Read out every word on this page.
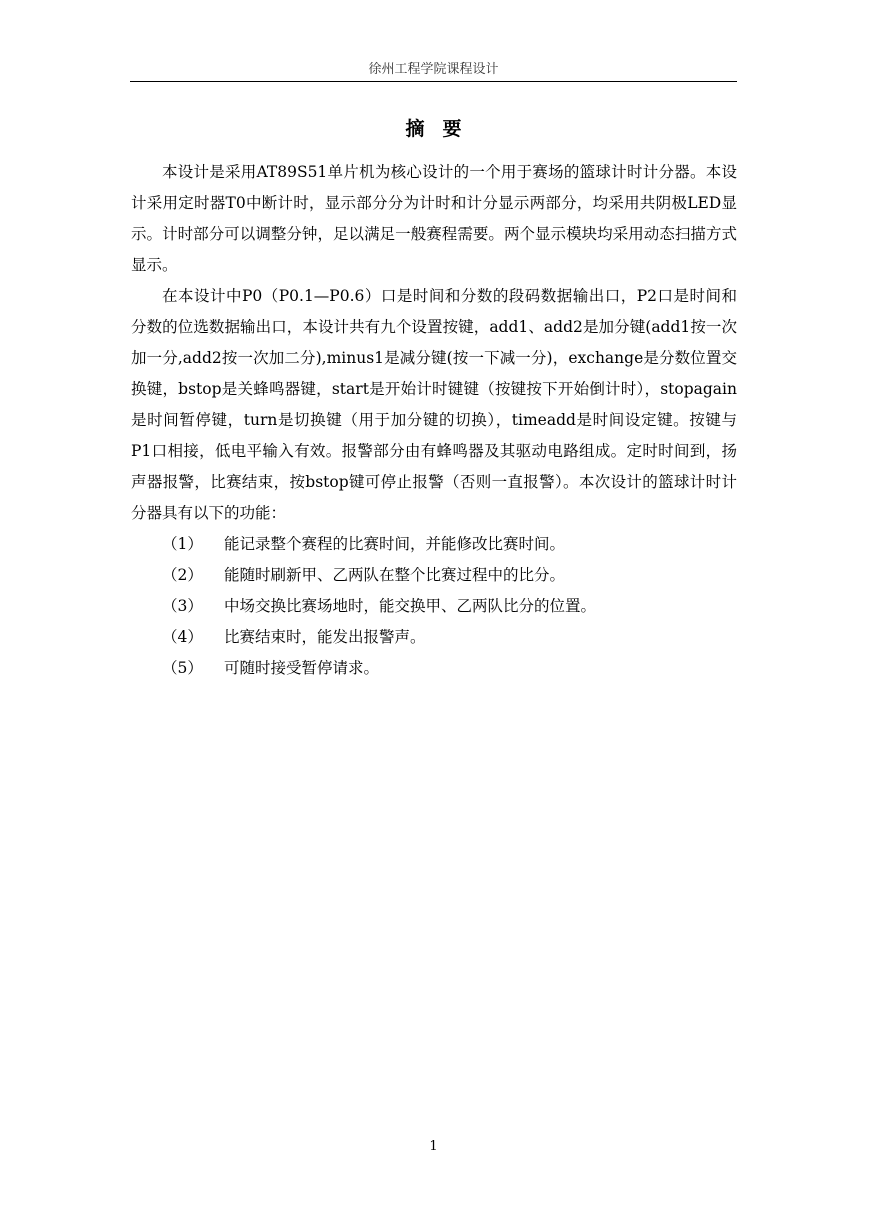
徐州工程学院课程设计
摘要

本设计是采用AT89S51单片机为核心设计的一个用于赛场的篮球计时计分器。本设计采用定时器T0中断计时，显示部分分为计时和计分显示两部分，均采用共阴极LED显示。计时部分可以调整分钟，足以满足一般赛程需要。两个显示模块均采用动态扫描方式显示。

在本设计中P0（P0.1—P0.6）口是时间和分数的段码数据输出口，P2口是时间和分数的位选数据输出口，本设计共有九个设置按键，add1、add2是加分键(add1按一次加一分,add2按一次加二分),minus1是减分键(按一下减一分)，exchange是分数位置交换键，bstop是关蜂鸣器键，start是开始计时键键（按键按下开始倒计时），stopagain是时间暂停键，turn是切换键（用于加分键的切换），timeadd是时间设定键。按键与P1口相接，低电平输入有效。报警部分由有蜂鸣器及其驱动电路组成。定时时间到，扬声器报警，比赛结束，按bstop键可停止报警（否则一直报警）。本次设计的篮球计时计分器具有以下的功能：

（1） 能记录整个赛程的比赛时间，并能修改比赛时间。
（2） 能随时刷新甲、乙两队在整个比赛过程中的比分。
（3） 中场交换比赛场地时，能交换甲、乙两队比分的位置。
（4） 比赛结束时，能发出报警声。
（5） 可随时接受暂停请求。
1
